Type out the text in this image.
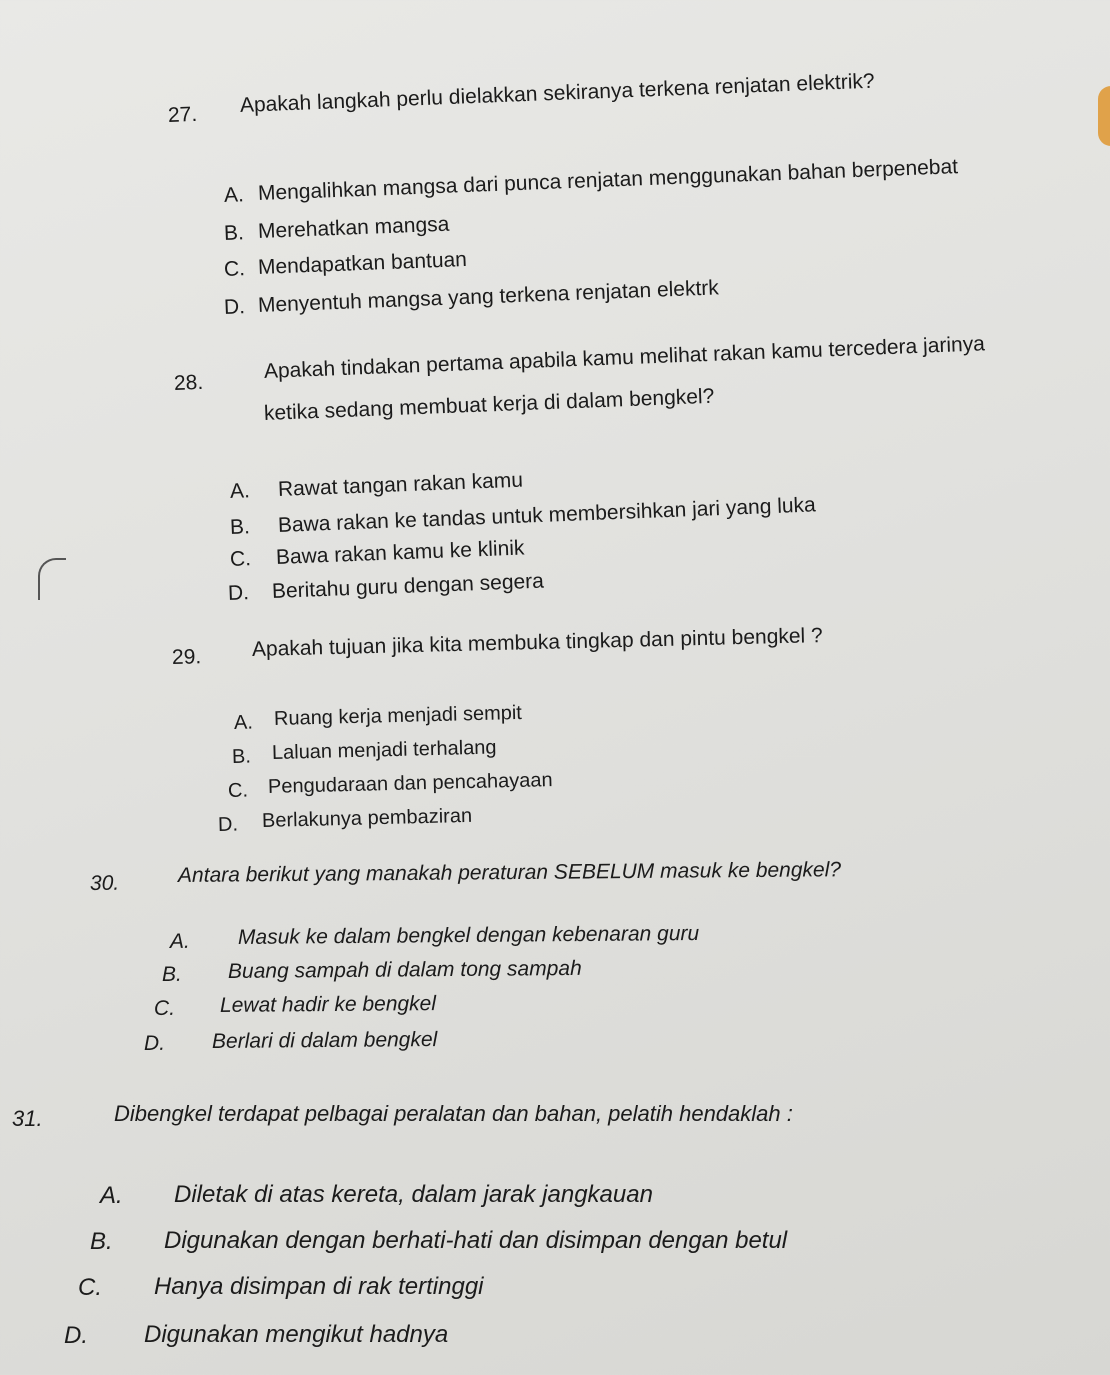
27. Apakah langkah perlu dielakkan sekiranya terkena renjatan elektrik?
A. Mengalihkan mangsa dari punca renjatan menggunakan bahan berpenebat
B. Merehatkan mangsa
C. Mendapatkan bantuan
D. Menyentuh mangsa yang terkena renjatan elektrk
28.	Apakah tindakan pertama apabila kamu melihat rakan kamu tercedera jarinya
ketika sedang membuat kerja di dalam bengkel?
A. Rawat tangan rakan kamu
B. Bawa rakan ke tandas untuk membersihkan jari yang luka
C. Bawa rakan kamu ke klinik
D. Beritahu guru dengan segera
29. Apakah tujuan jika kita membuka tingkap dan pintu bengkel ?
A. Ruang kerja menjadi sempit
B. Laluan menjadi terhalang
C. Pengudaraan dan pencahayaan
D. Berlakunya pembaziran
30.	Antara berikut yang manakah peraturan SEBELUM masuk ke bengkel?
A. Masuk ke dalam bengkel dengan kebenaran guru
B. Buang sampah di dalam tong sampah
C. Lewat hadir ke bengkel
D. Berlari di dalam bengkel
31.	Dibengkel terdapat pelbagai peralatan dan bahan, pelatih hendaklah :
A. Diletak di atas kereta, dalam jarak jangkauan
B. Digunakan dengan berhati-hati dan disimpan dengan betul
C. Hanya disimpan di rak tertinggi
D. Digunakan mengikut hadnya
